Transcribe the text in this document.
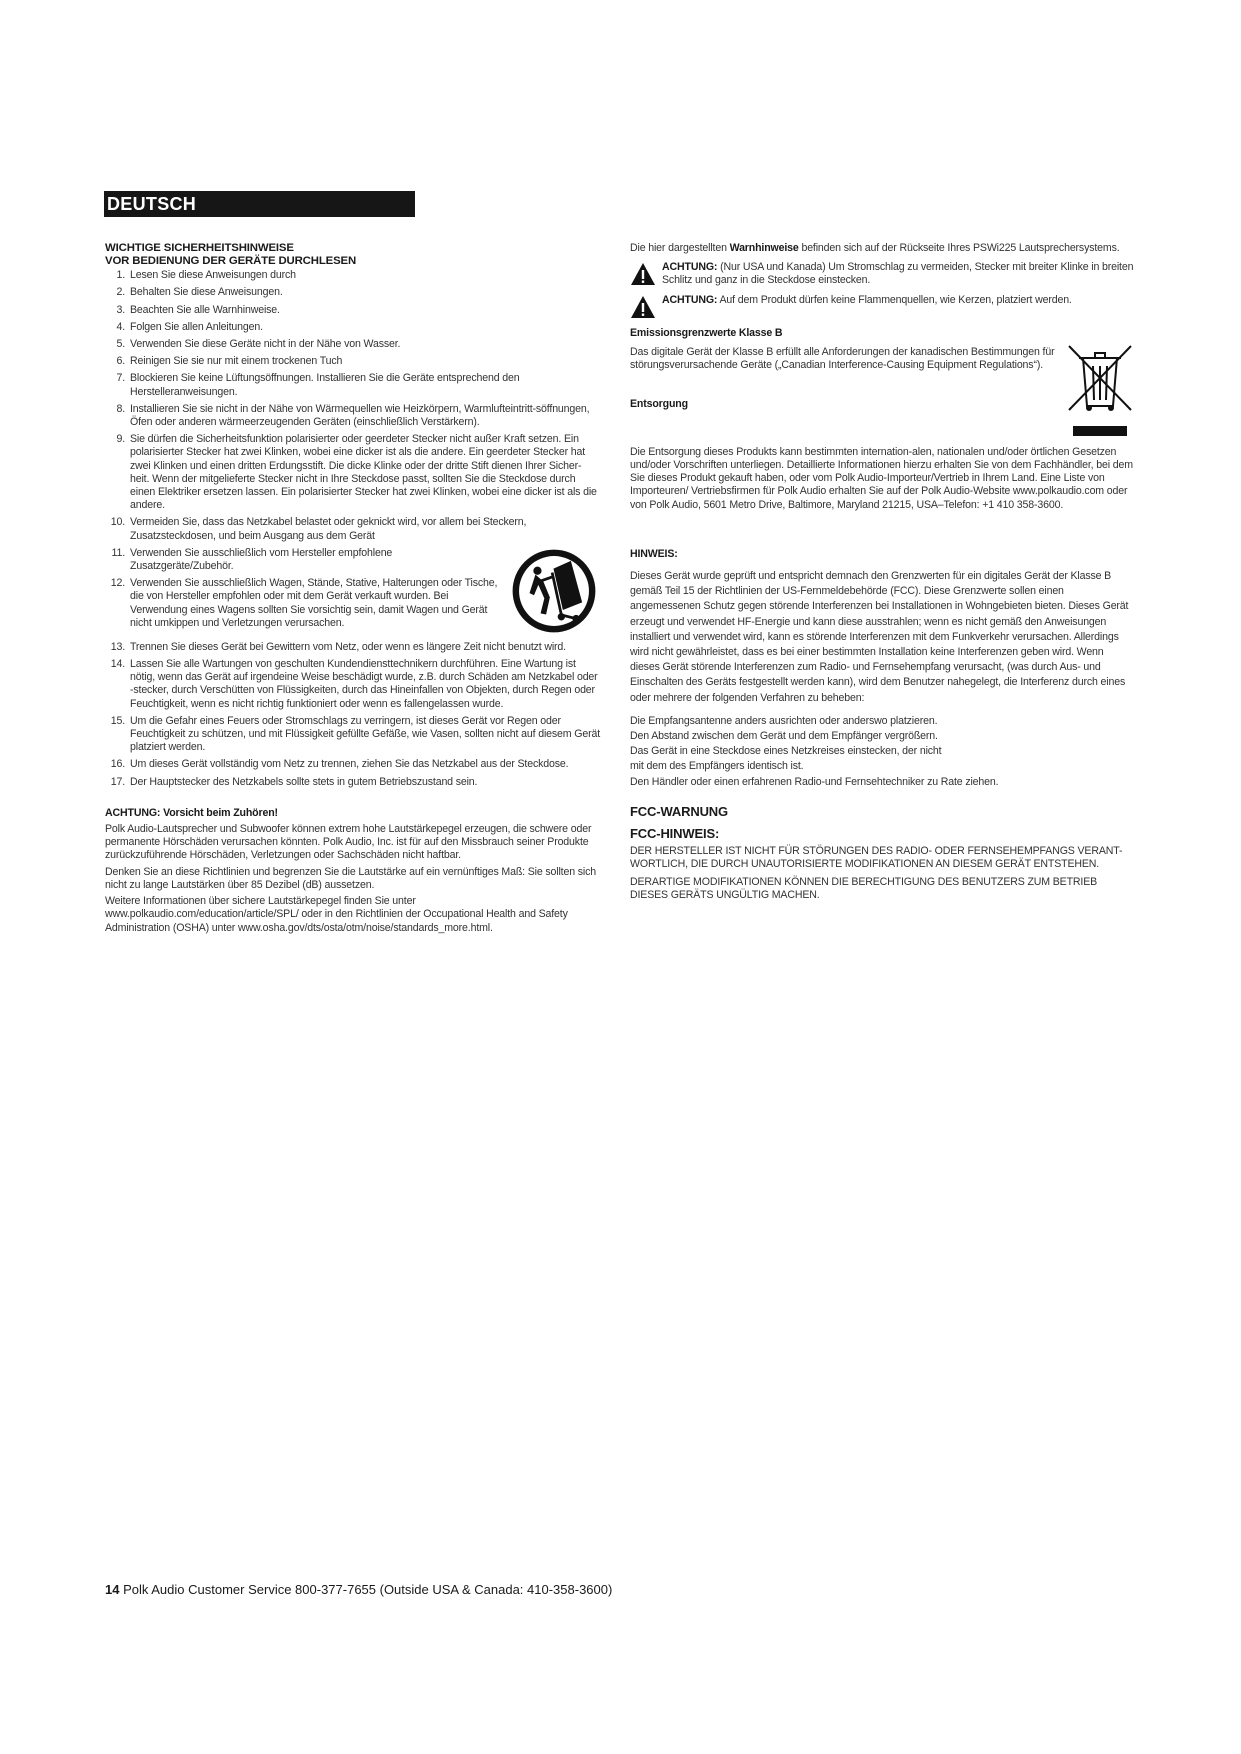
DEUTSCH
WICHTIGE SICHERHEITSHINWEISE
VOR BEDIENUNG DER GERÄTE DURCHLESEN
1. Lesen Sie diese Anweisungen durch
2. Behalten Sie diese Anweisungen.
3. Beachten Sie alle Warnhinweise.
4. Folgen Sie allen Anleitungen.
5. Verwenden Sie diese Geräte nicht in der Nähe von Wasser.
6. Reinigen Sie sie nur mit einem trockenen Tuch
7. Blockieren Sie keine Lüftungsöffnungen. Installieren Sie die Geräte entsprechend den Herstelleranweisungen.
8. Installieren Sie sie nicht in der Nähe von Wärmequellen wie Heizkörpern, Warmlufteintritt-söffnungen, Öfen oder anderen wärmeerzeugenden Geräten (einschließlich Verstärkern).
9. Sie dürfen die Sicherheitsfunktion polarisierter oder geerdeter Stecker nicht außer Kraft setzen. Ein polarisierter Stecker hat zwei Klinken, wobei eine dicker ist als die andere. Ein geerdeter Stecker hat zwei Klinken und einen dritten Erdungsstift. Die dicke Klinke oder der dritte Stift dienen Ihrer Sicher-heit. Wenn der mitgelieferte Stecker nicht in Ihre Steckdose passt, sollten Sie die Steckdose durch einen Elektriker ersetzen lassen. Ein polarisierter Stecker hat zwei Klinken, wobei eine dicker ist als die andere.
10. Vermeiden Sie, dass das Netzkabel belastet oder geknickt wird, vor allem bei Steckern, Zusatzsteckdosen, und beim Ausgang aus dem Gerät
11. Verwenden Sie ausschließlich vom Hersteller empfohlene Zusatzgeräte/Zubehör.
12. Verwenden Sie ausschließlich Wagen, Stände, Stative, Halterungen oder Tische, die von Hersteller empfohlen oder mit dem Gerät verkauft wurden. Bei Verwendung eines Wagens sollten Sie vorsichtig sein, damit Wagen und Gerät nicht umkippen und Verletzungen verursachen.
13. Trennen Sie dieses Gerät bei Gewittern vom Netz, oder wenn es längere Zeit nicht benutzt wird.
14. Lassen Sie alle Wartungen von geschulten Kundendiensttechnikern durchführen. Eine Wartung ist nötig, wenn das Gerät auf irgendeine Weise beschädigt wurde, z.B. durch Schäden am Netzkabel oder -stecker, durch Verschütten von Flüssigkeiten, durch das Hineinfallen von Objekten, durch Regen oder Feuchtigkeit, wenn es nicht richtig funktioniert oder wenn es fallengelassen wurde.
15. Um die Gefahr eines Feuers oder Stromschlags zu verringern, ist dieses Gerät vor Regen oder Feuchtigkeit zu schützen, und mit Flüssigkeit gefüllte Gefäße, wie Vasen, sollten nicht auf diesem Gerät platziert werden.
16. Um dieses Gerät vollständig vom Netz zu trennen, ziehen Sie das Netzkabel aus der Steckdose.
17. Der Hauptstecker des Netzkabels sollte stets in gutem Betriebszustand sein.
ACHTUNG: Vorsicht beim Zuhören!

Polk Audio-Lautsprecher und Subwoofer können extrem hohe Lautstärkepegel erzeugen, die schwere oder permanente Hörschäden verursachen könnten. Polk Audio, Inc. ist für auf den Missbrauch seiner Produkte zurückzuführende Hörschäden, Verletzungen oder Sachschäden nicht haftbar.

Denken Sie an diese Richtlinien und begrenzen Sie die Lautstärke auf ein vernünftiges Maß: Sie sollten sich nicht zu lange Lautstärken über 85 Dezibel (dB) aussetzen.

Weitere Informationen über sichere Lautstärkepegel finden Sie unter www.polkaudio.com/education/article/SPL/ oder in den Richtlinien der Occupational Health and Safety Administration (OSHA) unter www.osha.gov/dts/osta/otm/noise/standards_more.html.

Die hier dargestellten Warnhinweise befinden sich auf der Rückseite Ihres PSWi225 Lautsprechersystems.

ACHTUNG: (Nur USA und Kanada) Um Stromschlag zu vermeiden, Stecker mit breiter Klinke in breiten Schlitz und ganz in die Steckdose einstecken.

ACHTUNG: Auf dem Produkt dürfen keine Flammenquellen, wie Kerzen, platziert werden.

Emissionsgrenzwerte Klasse B

Das digitale Gerät der Klasse B erfüllt alle Anforderungen der kanadischen Bestimmungen für störungsverursachende Geräte („Canadian Interference-Causing Equipment Regulations“).

Entsorgung

Die Entsorgung dieses Produkts kann bestimmten internation-alen, nationalen und/oder örtlichen Gesetzen und/oder Vorschriften unterliegen. Detaillierte Informationen hierzu erhalten Sie von dem Fachhändler, bei dem Sie dieses Produkt gekauft haben, oder vom Polk Audio-Importeur/Vertrieb in Ihrem Land. Eine Liste von Importeuren/ Vertriebsfirmen für Polk Audio erhalten Sie auf der Polk Audio-Website www.polkaudio.com oder von Polk Audio, 5601 Metro Drive, Baltimore, Maryland 21215, USA–Telefon: +1 410 358-3600.

HINWEIS:

Dieses Gerät wurde geprüft und entspricht demnach den Grenzwerten für ein digitales Gerät der Klasse B gemäß Teil 15 der Richtlinien der US-Fernmeldebehörde (FCC). Diese Grenzwerte sollen einen angemessenen Schutz gegen störende Interferenzen bei Installationen in Wohngebieten bieten. Dieses Gerät erzeugt und verwendet HF-Energie und kann diese ausstrahlen; wenn es nicht gemäß den Anweisungen installiert und verwendet wird, kann es störende Interferenzen mit dem Funkverkehr verursachen. Allerdings wird nicht gewährleistet, dass es bei einer bestimmten Installation keine Interferenzen geben wird. Wenn dieses Gerät störende Interferenzen zum Radio- und Fernsehempfang verursacht, (was durch Aus- und Einschalten des Geräts festgestellt werden kann), wird dem Benutzer nahegelegt, die Interferenz durch eines oder mehrere der folgenden Verfahren zu beheben:

Die Empfangsantenne anders ausrichten oder anderswo platzieren.
Den Abstand zwischen dem Gerät und dem Empfänger vergrößern.
Das Gerät in eine Steckdose eines Netzkreises einstecken, der nicht
mit dem des Empfängers identisch ist.
Den Händler oder einen erfahrenen Radio-und Fernsehtechniker zu Rate ziehen.
FCC-WARNUNG
FCC-HINWEIS:

DER HERSTELLER IST NICHT FÜR STÖRUNGEN DES RADIO- ODER FERNSEHEMPFANGS VERANT-WORTLICH, DIE DURCH UNAUTORISIERTE MODIFIKATIONEN AN DIESEM GERÄT ENTSTEHEN.

DERARTIGE MODIFIKATIONEN KÖNNEN DIE BERECHTIGUNG DES BENUTZERS ZUM BETRIEB DIESES GERÄTS UNGÜLTIG MACHEN.

14 Polk Audio Customer Service 800-377-7655 (Outside USA & Canada: 410-358-3600)
